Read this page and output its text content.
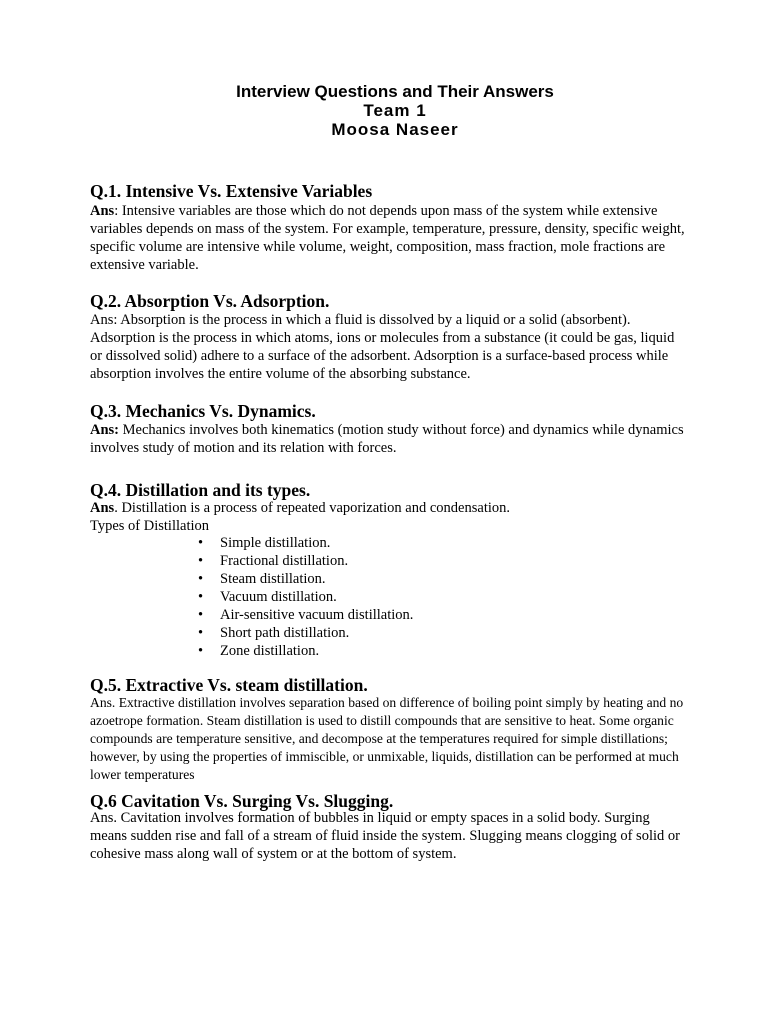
Interview Questions and Their Answers
Team 1
Moosa Naseer

Q.1. Intensive Vs. Extensive Variables

Ans: Intensive variables are those which do not depends upon mass of the system while extensive variables depends on mass of the system. For example, temperature, pressure, density, specific weight, specific volume are intensive while volume, weight, composition, mass fraction, mole fractions are extensive variable.

Q.2. Absorption Vs. Adsorption.

Ans: Absorption is the process in which a fluid is dissolved by a liquid or a solid (absorbent). Adsorption is the process in which atoms, ions or molecules from a substance (it could be gas, liquid or dissolved solid) adhere to a surface of the adsorbent. Adsorption is a surface-based process while absorption involves the entire volume of the absorbing substance.

Q.3. Mechanics Vs. Dynamics.

Ans: Mechanics involves both kinematics (motion study without force) and dynamics while dynamics involves study of motion and its relation with forces.

Q.4. Distillation and its types.

Ans. Distillation is a process of repeated vaporization and condensation.

Types of Distillation
• Simple distillation.
• Fractional distillation.
• Steam distillation.
• Vacuum distillation.
• Air-sensitive vacuum distillation.
• Short path distillation.
• Zone distillation.

Q.5. Extractive Vs. steam distillation.

Ans. Extractive distillation involves separation based on difference of boiling point simply by heating and no azoetrope formation. Steam distillation is used to distill compounds that are sensitive to heat. Some organic compounds are temperature sensitive, and decompose at the temperatures required for simple distillations; however, by using the properties of immiscible, or unmixable, liquids, distillation can be performed at much lower temperatures

Q.6 Cavitation Vs. Surging Vs. Slugging.

Ans. Cavitation involves formation of bubbles in liquid or empty spaces in a solid body. Surging means sudden rise and fall of a stream of fluid inside the system. Slugging means clogging of solid or cohesive mass along wall of system or at the bottom of system.
